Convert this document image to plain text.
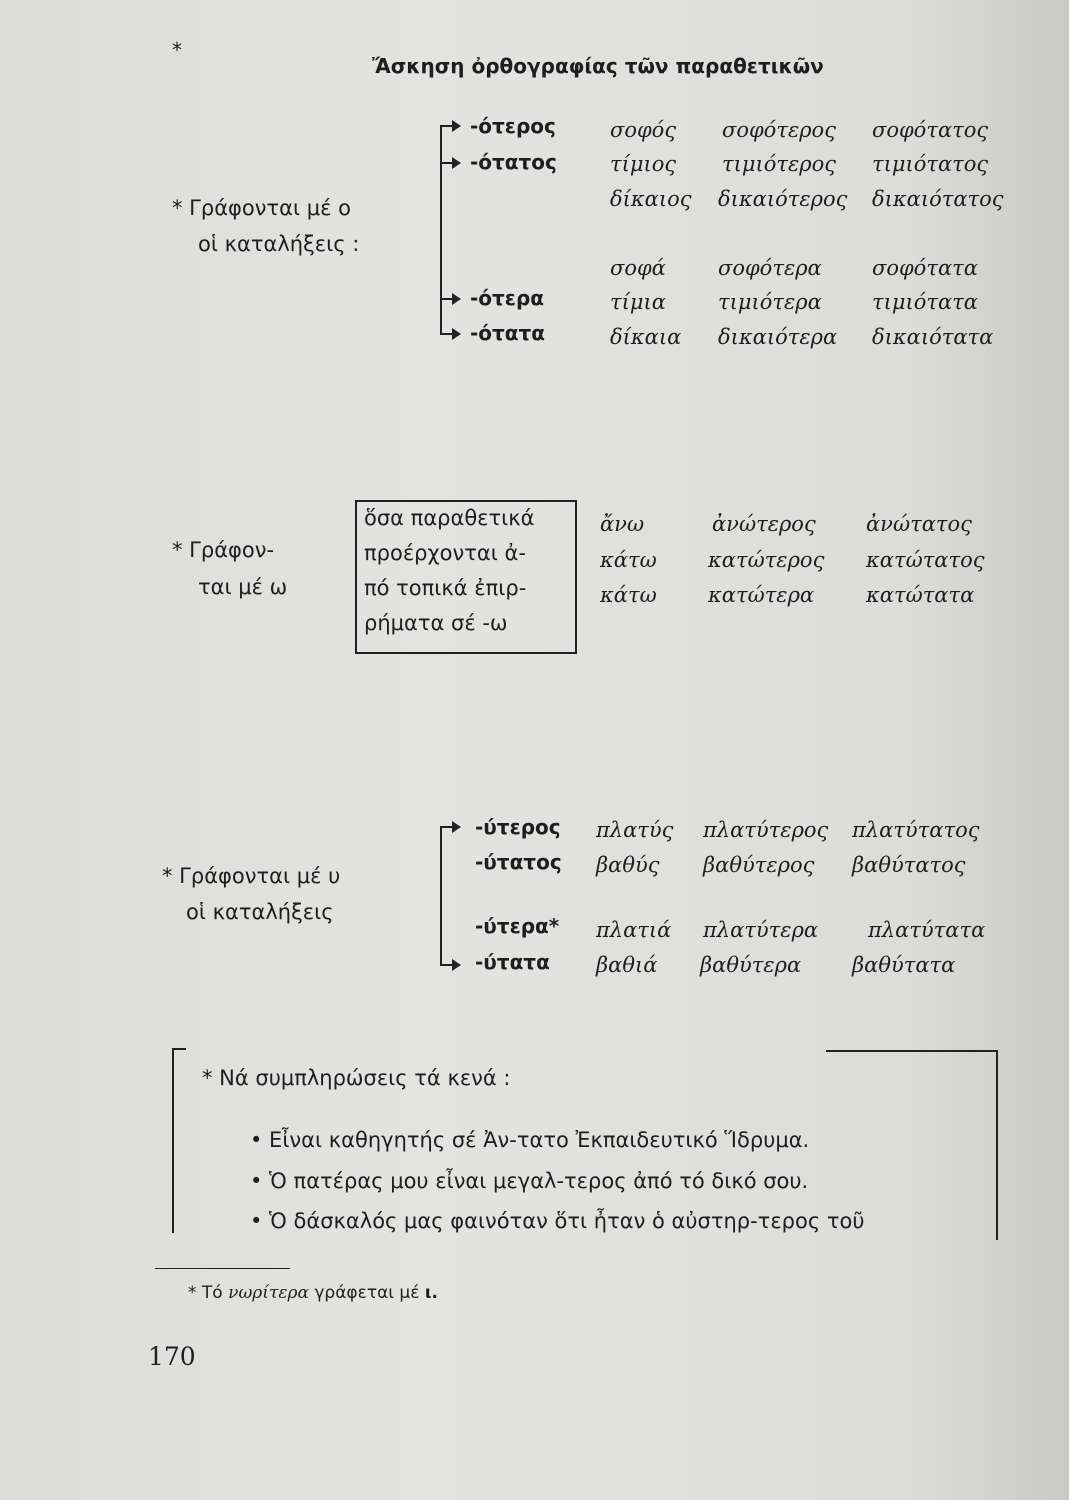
*
Ἄσκηση ὀρθογραφίας τῶν παραθετικῶν
* Γράφονται μέ ο
οἱ καταλήξεις :
-ότερος
-ότατος
-ότερα
-ότατα
σοφός σοφότερος σοφότατος
τίμιος τιμιότερος τιμιότατος
δίκαιος δικαιότερος δικαιότατος
σοφά σοφότερα σοφότατα
τίμια τιμιότερα τιμιότατα
δίκαια δικαιότερα δικαιότατα
* Γράφον-
ται μέ ω
ὅσα παραθετικά
προέρχονται ἀ-
πό τοπικά ἐπιρ-
ρήματα σέ -ω
ἄνω	ἀνώτερος ἀνώτατος
κάτω κατώτερος κατώτατος
κάτω κατώτερα κατώτατα
* Γράφονται μέ υ
οἱ καταλήξεις
-ύτερος
-ύτατος
-ύτερα*
-ύτατα
πλατύς πλατύτερος πλατύτατος
βαθύς βαθύτερος βαθύτατος
πλατιά πλατύτερα πλατύτατα
βαθιά βαθύτερα βαθύτατα
* Νά συμπληρώσεις τά κενά :
• Εἶναι καθηγητής σέ Ἀν-τατο Ἐκπαιδευτικό Ἵδρυμα.
• Ὁ πατέρας μου εἶναι μεγαλ-τερος ἀπό τό δικό σου.
• Ὁ δάσκαλός μας φαινόταν ὅτι ἦταν ὁ αὐστηρ-τερος τοῦ
* Τό νωρίτερα γράφεται μέ ι.
170
